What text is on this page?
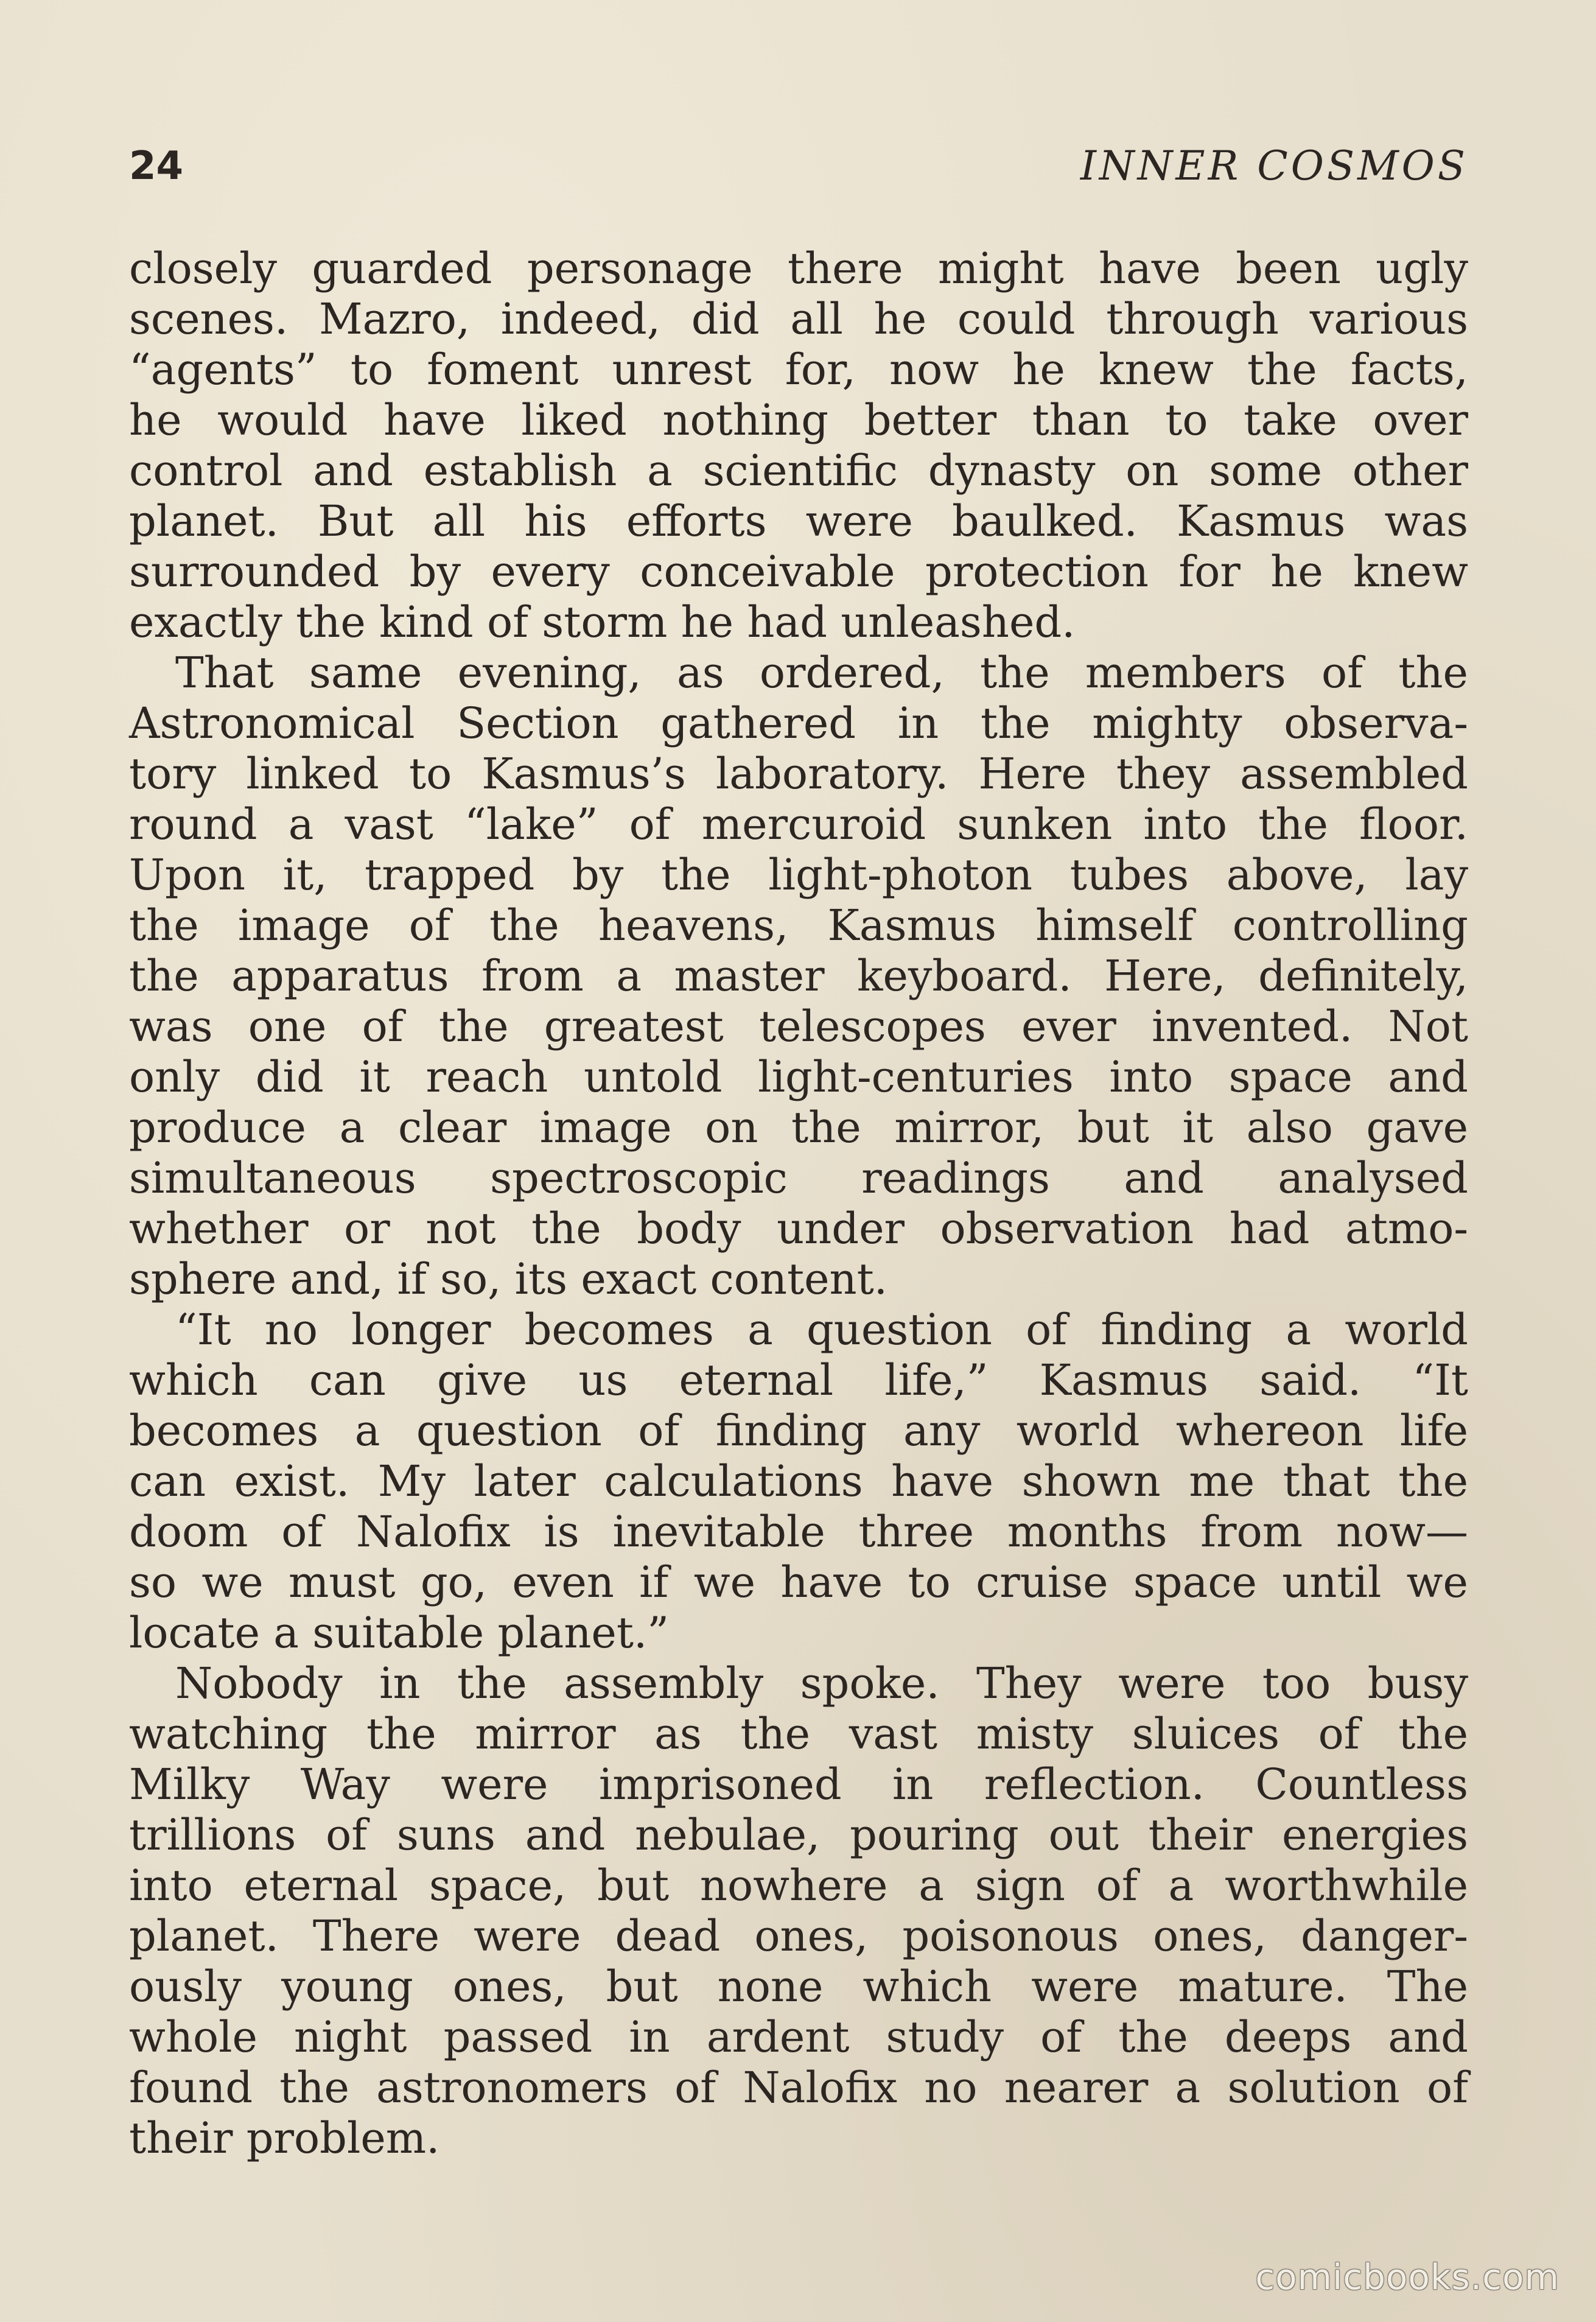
24	INNER COSMOS
closely guarded personage there might have been ugly
scenes. Mazro, indeed, did all he could through various
“agents” to foment unrest for, now he knew the facts,
he would have liked nothing better than to take over
control and establish a scientific dynasty on some other
planet. But all his efforts were baulked. Kasmus was
surrounded by every conceivable protection for he knew
exactly the kind of storm he had unleashed.
That same evening, as ordered, the members of the
Astronomical Section gathered in the mighty observa-
tory linked to Kasmus’s laboratory. Here they assembled
round a vast “lake” of mercuroid sunken into the floor.
Upon it, trapped by the light-photon tubes above, lay
the image of the heavens, Kasmus himself controlling
the apparatus from a master keyboard. Here, definitely,
was one of the greatest telescopes ever invented. Not
only did it reach untold light-centuries into space and
produce a clear image on the mirror, but it also gave
simultaneous spectroscopic readings and analysed
whether or not the body under observation had atmo-
sphere and, if so, its exact content.
“It no longer becomes a question of finding a world
which can give us eternal life,” Kasmus said. “It
becomes a question of finding any world whereon life
can exist. My later calculations have shown me that the
doom of Nalofix is inevitable three months from now—
so we must go, even if we have to cruise space until we
locate a suitable planet.”
Nobody in the assembly spoke. They were too busy
watching the mirror as the vast misty sluices of the
Milky Way were imprisoned in reflection. Countless
trillions of suns and nebulae, pouring out their energies
into eternal space, but nowhere a sign of a worthwhile
planet. There were dead ones, poisonous ones, danger-
ously young ones, but none which were mature. The
whole night passed in ardent study of the deeps and
found the astronomers of Nalofix no nearer a solution of
their problem.
comicbooks.com
